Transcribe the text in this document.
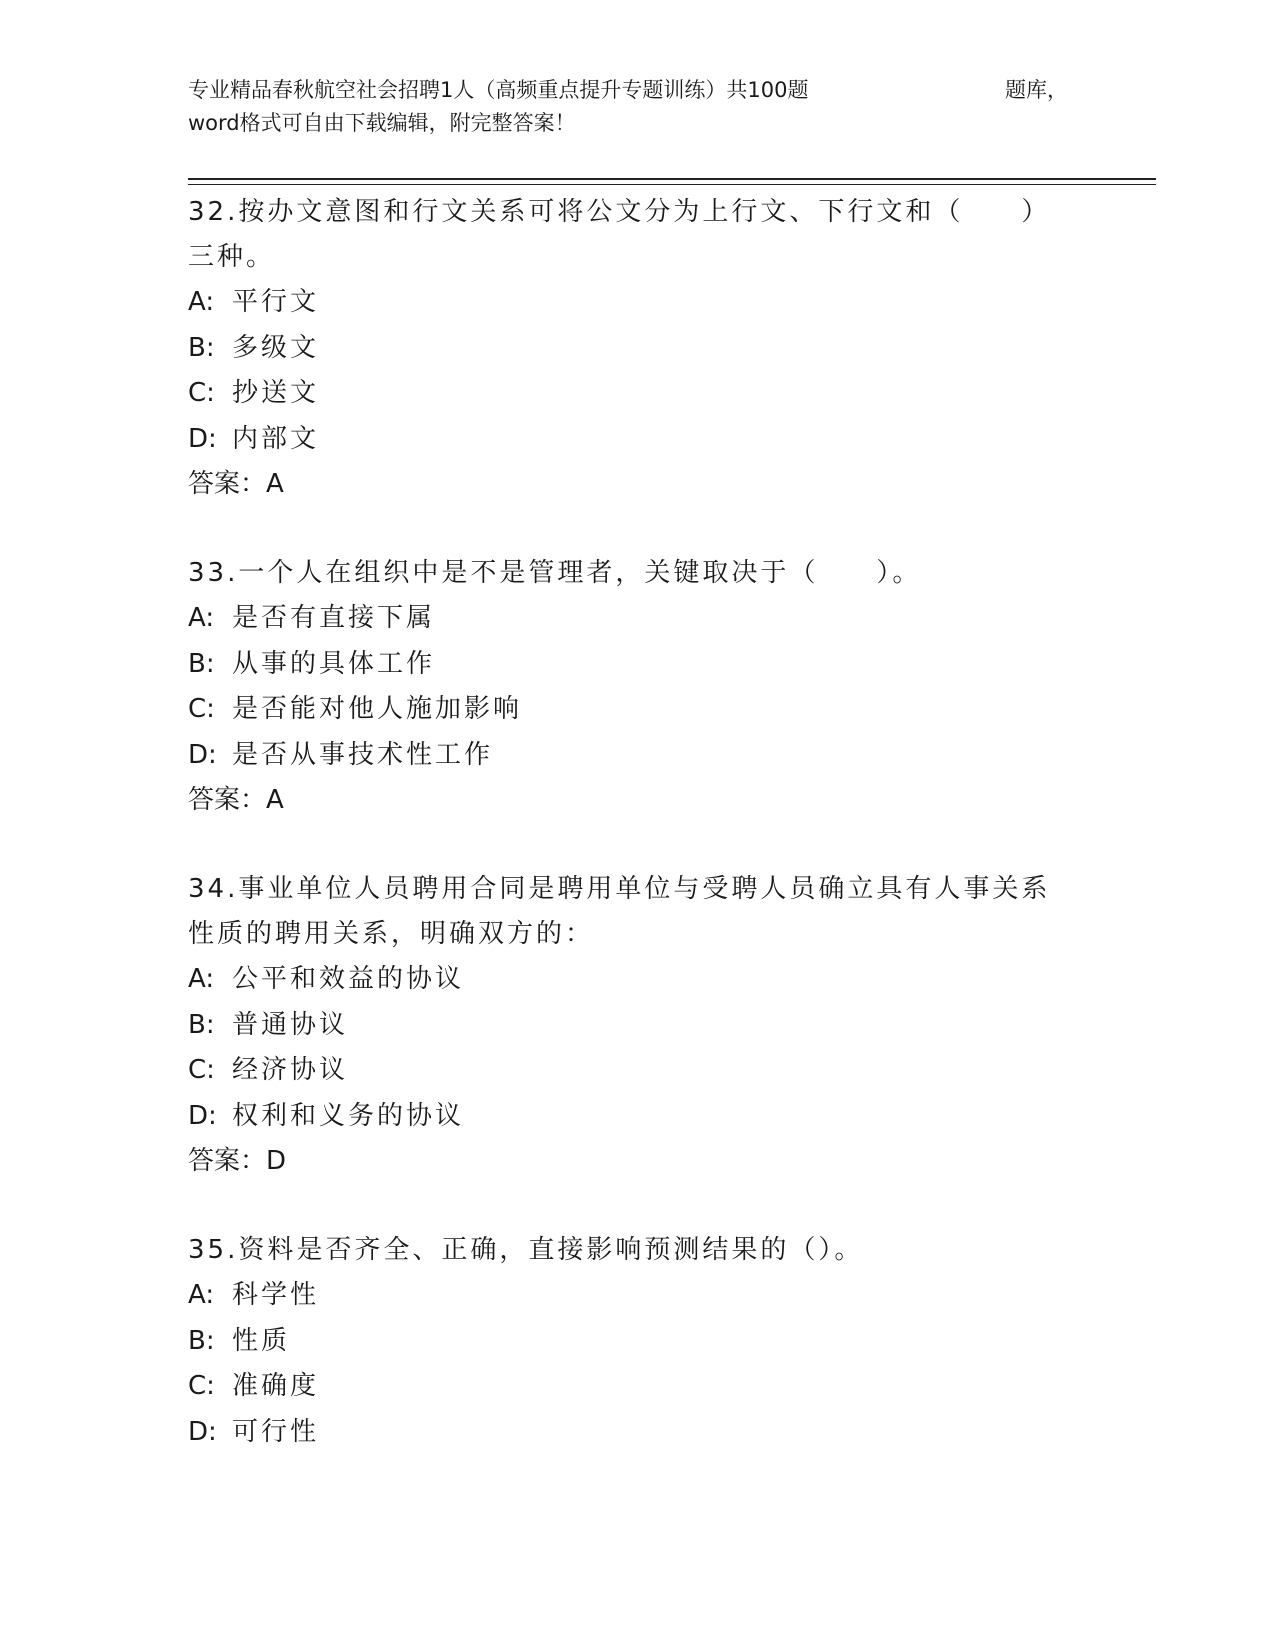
专业精品春秋航空社会招聘1人（高频重点提升专题训练）共100题	题库，
word格式可自由下载编辑，附完整答案！
32.按办文意图和行文关系可将公文分为上行文、下行文和（　　）三种。
A: 平行文
B: 多级文
C: 抄送文
D: 内部文
答案：A
33.一个人在组织中是不是管理者，关键取决于（　　）。
A: 是否有直接下属
B: 从事的具体工作
C: 是否能对他人施加影响
D: 是否从事技术性工作
答案：A
34.事业单位人员聘用合同是聘用单位与受聘人员确立具有人事关系性质的聘用关系，明确双方的：
A: 公平和效益的协议
B: 普通协议
C: 经济协议
D: 权利和义务的协议
答案：D
35.资料是否齐全、正确，直接影响预测结果的（）。
A: 科学性
B: 性质
C: 准确度
D: 可行性
